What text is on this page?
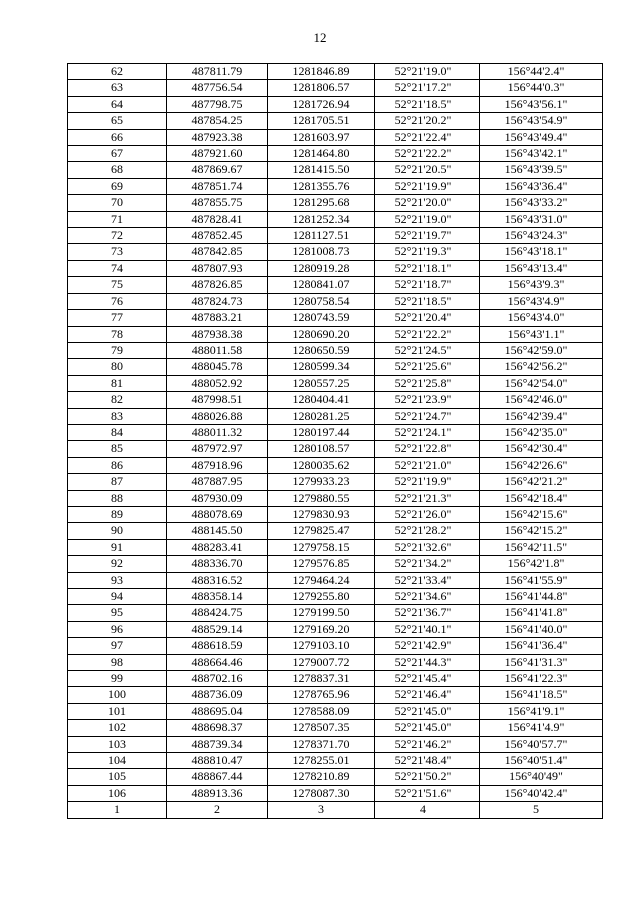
12
62	487811.79	1281846.89	52°21'19.0"	156°44'2.4"
63	487756.54	1281806.57	52°21'17.2"	156°44'0.3"
64	487798.75	1281726.94	52°21'18.5"	156°43'56.1"
65	487854.25	1281705.51	52°21'20.2"	156°43'54.9"
66	487923.38	1281603.97	52°21'22.4"	156°43'49.4"
67	487921.60	1281464.80	52°21'22.2"	156°43'42.1"
68	487869.67	1281415.50	52°21'20.5"	156°43'39.5"
69	487851.74	1281355.76	52°21'19.9"	156°43'36.4"
70	487855.75	1281295.68	52°21'20.0"	156°43'33.2"
71	487828.41	1281252.34	52°21'19.0"	156°43'31.0"
72	487852.45	1281127.51	52°21'19.7"	156°43'24.3"
73	487842.85	1281008.73	52°21'19.3"	156°43'18.1"
74	487807.93	1280919.28	52°21'18.1"	156°43'13.4"
75	487826.85	1280841.07	52°21'18.7"	156°43'9.3"
76	487824.73	1280758.54	52°21'18.5"	156°43'4.9"
77	487883.21	1280743.59	52°21'20.4"	156°43'4.0"
78	487938.38	1280690.20	52°21'22.2"	156°43'1.1"
79	488011.58	1280650.59	52°21'24.5"	156°42'59.0"
80	488045.78	1280599.34	52°21'25.6"	156°42'56.2"
81	488052.92	1280557.25	52°21'25.8"	156°42'54.0"
82	487998.51	1280404.41	52°21'23.9"	156°42'46.0"
83	488026.88	1280281.25	52°21'24.7"	156°42'39.4"
84	488011.32	1280197.44	52°21'24.1"	156°42'35.0"
85	487972.97	1280108.57	52°21'22.8"	156°42'30.4"
86	487918.96	1280035.62	52°21'21.0"	156°42'26.6"
87	487887.95	1279933.23	52°21'19.9"	156°42'21.2"
88	487930.09	1279880.55	52°21'21.3"	156°42'18.4"
89	488078.69	1279830.93	52°21'26.0"	156°42'15.6"
90	488145.50	1279825.47	52°21'28.2"	156°42'15.2"
91	488283.41	1279758.15	52°21'32.6"	156°42'11.5"
92	488336.70	1279576.85	52°21'34.2"	156°42'1.8"
93	488316.52	1279464.24	52°21'33.4"	156°41'55.9"
94	488358.14	1279255.80	52°21'34.6"	156°41'44.8"
95	488424.75	1279199.50	52°21'36.7"	156°41'41.8"
96	488529.14	1279169.20	52°21'40.1"	156°41'40.0"
97	488618.59	1279103.10	52°21'42.9"	156°41'36.4"
98	488664.46	1279007.72	52°21'44.3"	156°41'31.3"
99	488702.16	1278837.31	52°21'45.4"	156°41'22.3"
100	488736.09	1278765.96	52°21'46.4"	156°41'18.5"
101	488695.04	1278588.09	52°21'45.0"	156°41'9.1"
102	488698.37	1278507.35	52°21'45.0"	156°41'4.9"
103	488739.34	1278371.70	52°21'46.2"	156°40'57.7"
104	488810.47	1278255.01	52°21'48.4"	156°40'51.4"
105	488867.44	1278210.89	52°21'50.2"	156°40'49"
106	488913.36	1278087.30	52°21'51.6"	156°40'42.4"
1	2	3	4	5
